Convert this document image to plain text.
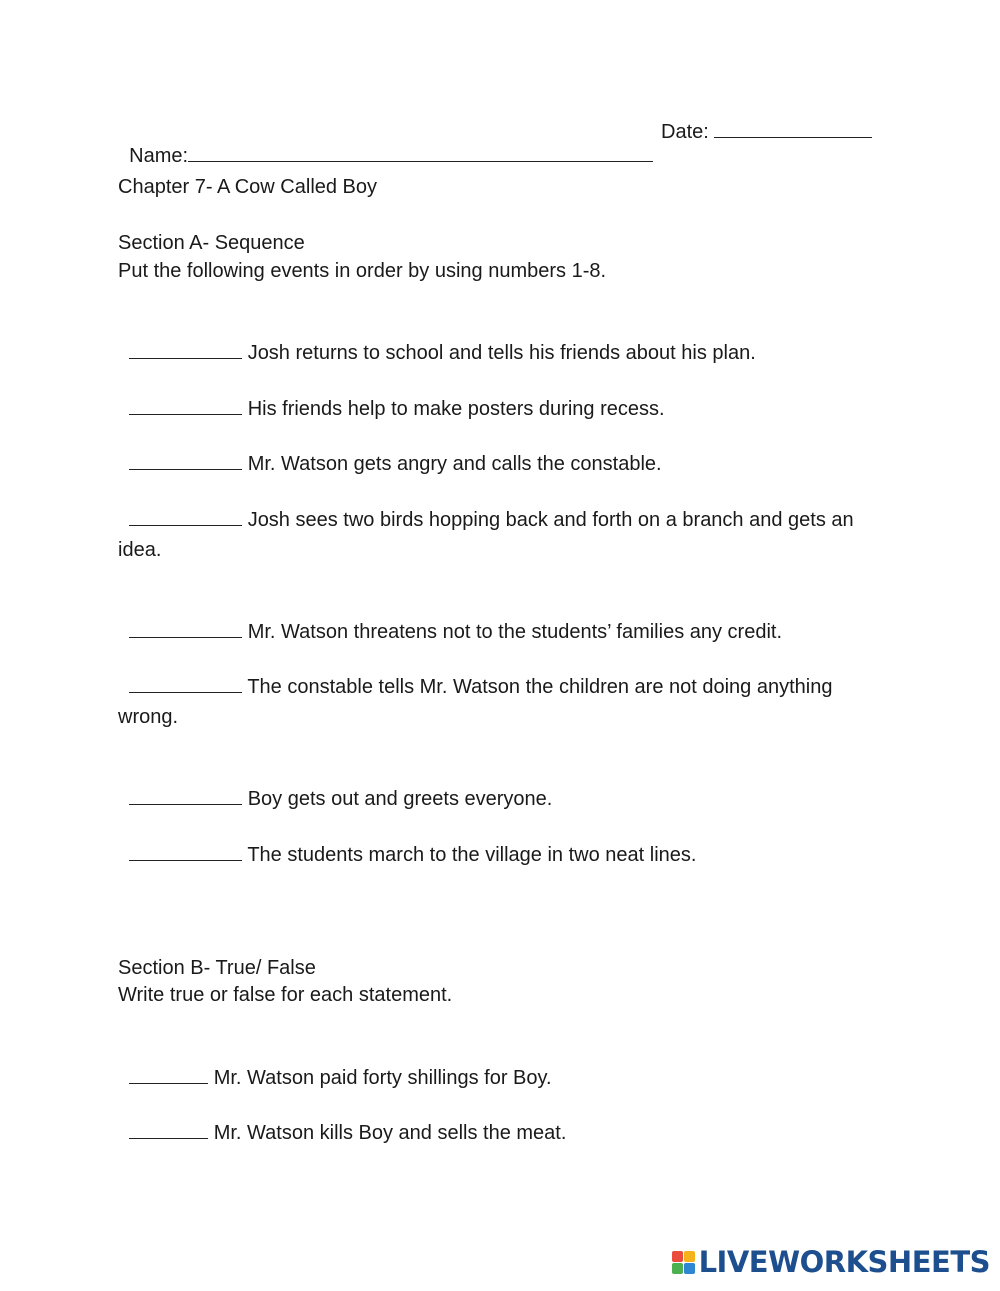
Name:

Date:
Chapter 7- A Cow Called Boy
Section A- Sequence
Put the following events in order by using numbers 1-8.

Josh returns to school and tells his friends about his plan.

His friends help to make posters during recess.

Mr. Watson gets angry and calls the constable.

Josh sees two birds hopping back and forth on a branch and gets an

idea.

Mr. Watson threatens not to the students’ families any credit.

The constable tells Mr. Watson the children are not doing anything

wrong.

Boy gets out and greets everyone.

The students march to the village in two neat lines.

Section B- True/ False
Write true or false for each statement.

Mr. Watson paid forty shillings for Boy.

Mr. Watson kills Boy and sells the meat.

LIVEWORKSHEETS
